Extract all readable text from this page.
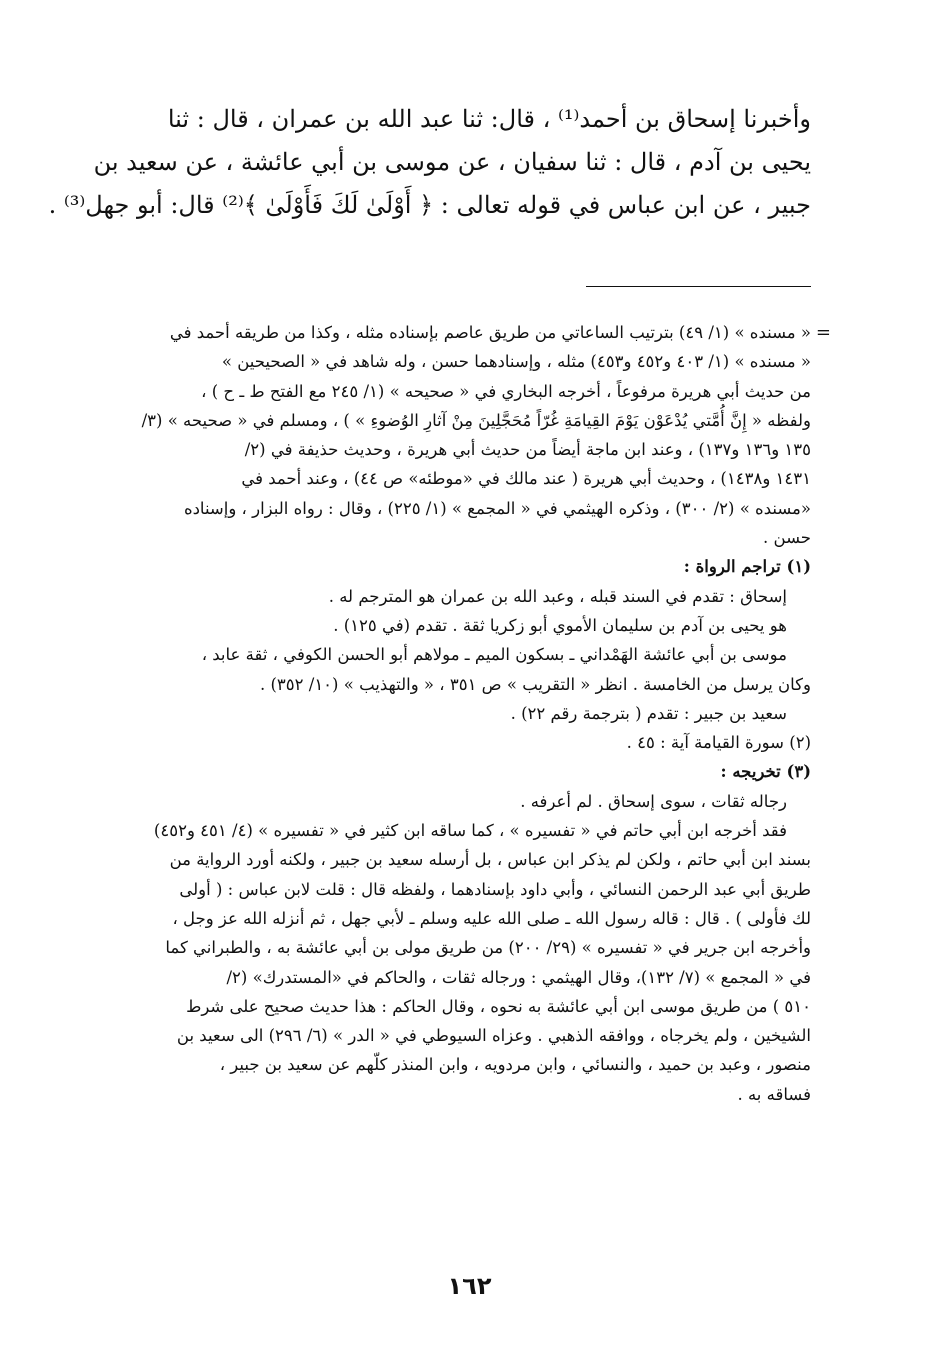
وأخبرنا إسحاق بن أحمد⁽¹⁾ ، قال: ثنا عبد الله بن عمران ، قال : ثنا
يحيى بن آدم ، قال : ثنا سفيان ، عن موسى بن أبي عائشة ، عن سعيد بن
جبير ، عن ابن عباس في قوله تعالى : ﴿ أَوْلَىٰ لَكَ فَأَوْلَىٰ ﴾⁽²⁾ قال: أبو جهل⁽³⁾ .
=
« مسنده » (١/ ٤٩) بترتيب الساعاتي من طريق عاصم بإسناده مثله ، وكذا من طريقه أحمد في
« مسنده » (١/ ٤٠٣ و٤٥٢ و٤٥٣) مثله ، وإسنادهما حسن ، وله شاهد في « الصحيحين »
من حديث أبي هريرة مرفوعاً ، أخرجه البخاري في « صحيحه » (١/ ٢٤٥ مع الفتح ط ـ ح ) ،
ولفظه « إِنَّ أُمَّتي يُدْعَوْن يَوْمَ القِيامَةِ غُرّاً مُحَجَّلِينَ مِنْ آثارِ الوُضوءِ » ) ، ومسلم في « صحيحه » (٣/
١٣٥ و١٣٦ و١٣٧) ، وعند ابن ماجة أيضاً من حديث أبي هريرة ، وحديث حذيفة في (٢/
١٤٣١ و١٤٣٨) ، وحديث أبي هريرة ( عند مالك في «موطئه» ص ٤٤) ، وعند أحمد في
«مسنده » (٢/ ٣٠٠) ، وذكره الهيثمي في « المجمع » (١/ ٢٢٥) ، وقال : رواه البزار ، وإسناده
حسن .
(١) تراجم الرواة :
إسحاق : تقدم في السند قبله ، وعبد الله بن عمران هو المترجم له .
هو يحيى بن آدم بن سليمان الأموي أبو زكريا ثقة . تقدم (في ١٢٥) .
موسى بن أبي عائشة الهَمْداني ـ بسكون الميم ـ مولاهم أبو الحسن الكوفي ، ثقة عابد ،
وكان يرسل من الخامسة . انظر « التقريب » ص ٣٥١ ، « والتهذيب » (١٠/ ٣٥٢) .
سعيد بن جبير : تقدم ( بترجمة رقم ٢٢) .
(٢) سورة القيامة آية : ٤٥ .
(٣) تخريجه :
رجاله ثقات ، سوى إسحاق . لم أعرفه .
فقد أخرجه ابن أبي حاتم في « تفسيره » ، كما ساقه ابن كثير في « تفسيره » (٤/ ٤٥١ و٤٥٢)
بسند ابن أبي حاتم ، ولكن لم يذكر ابن عباس ، بل أرسله سعيد بن جبير ، ولكنه أورد الرواية من
طريق أبي عبد الرحمن النسائي ، وأبي داود بإسنادهما ، ولفظه قال : قلت لابن عباس : ( أولى
لك فأولى ) . قال : قاله رسول الله ـ صلى الله عليه وسلم ـ لأبي جهل ، ثم أنزله الله عز وجل ،
وأخرجه ابن جرير في « تفسيره » (٢٩/ ٢٠٠) من طريق مولى بن أبي عائشة به ، والطبراني كما
في « المجمع » (٧/ ١٣٢)، وقال الهيثمي : ورجاله ثقات ، والحاكم في «المستدرك» (٢/
٥١٠ ) من طريق موسى ابن أبي عائشة به نحوه ، وقال الحاكم : هذا حديث صحيح على شرط
الشيخين ، ولم يخرجاه ، ووافقه الذهبي . وعزاه السيوطي في « الدر » (٦/ ٢٩٦) الى سعيد بن
منصور ، وعبد بن حميد ، والنسائي ، وابن مردويه ، وابن المنذر كلّهم عن سعيد بن جبير ،
فساقه به .
١٦٢
